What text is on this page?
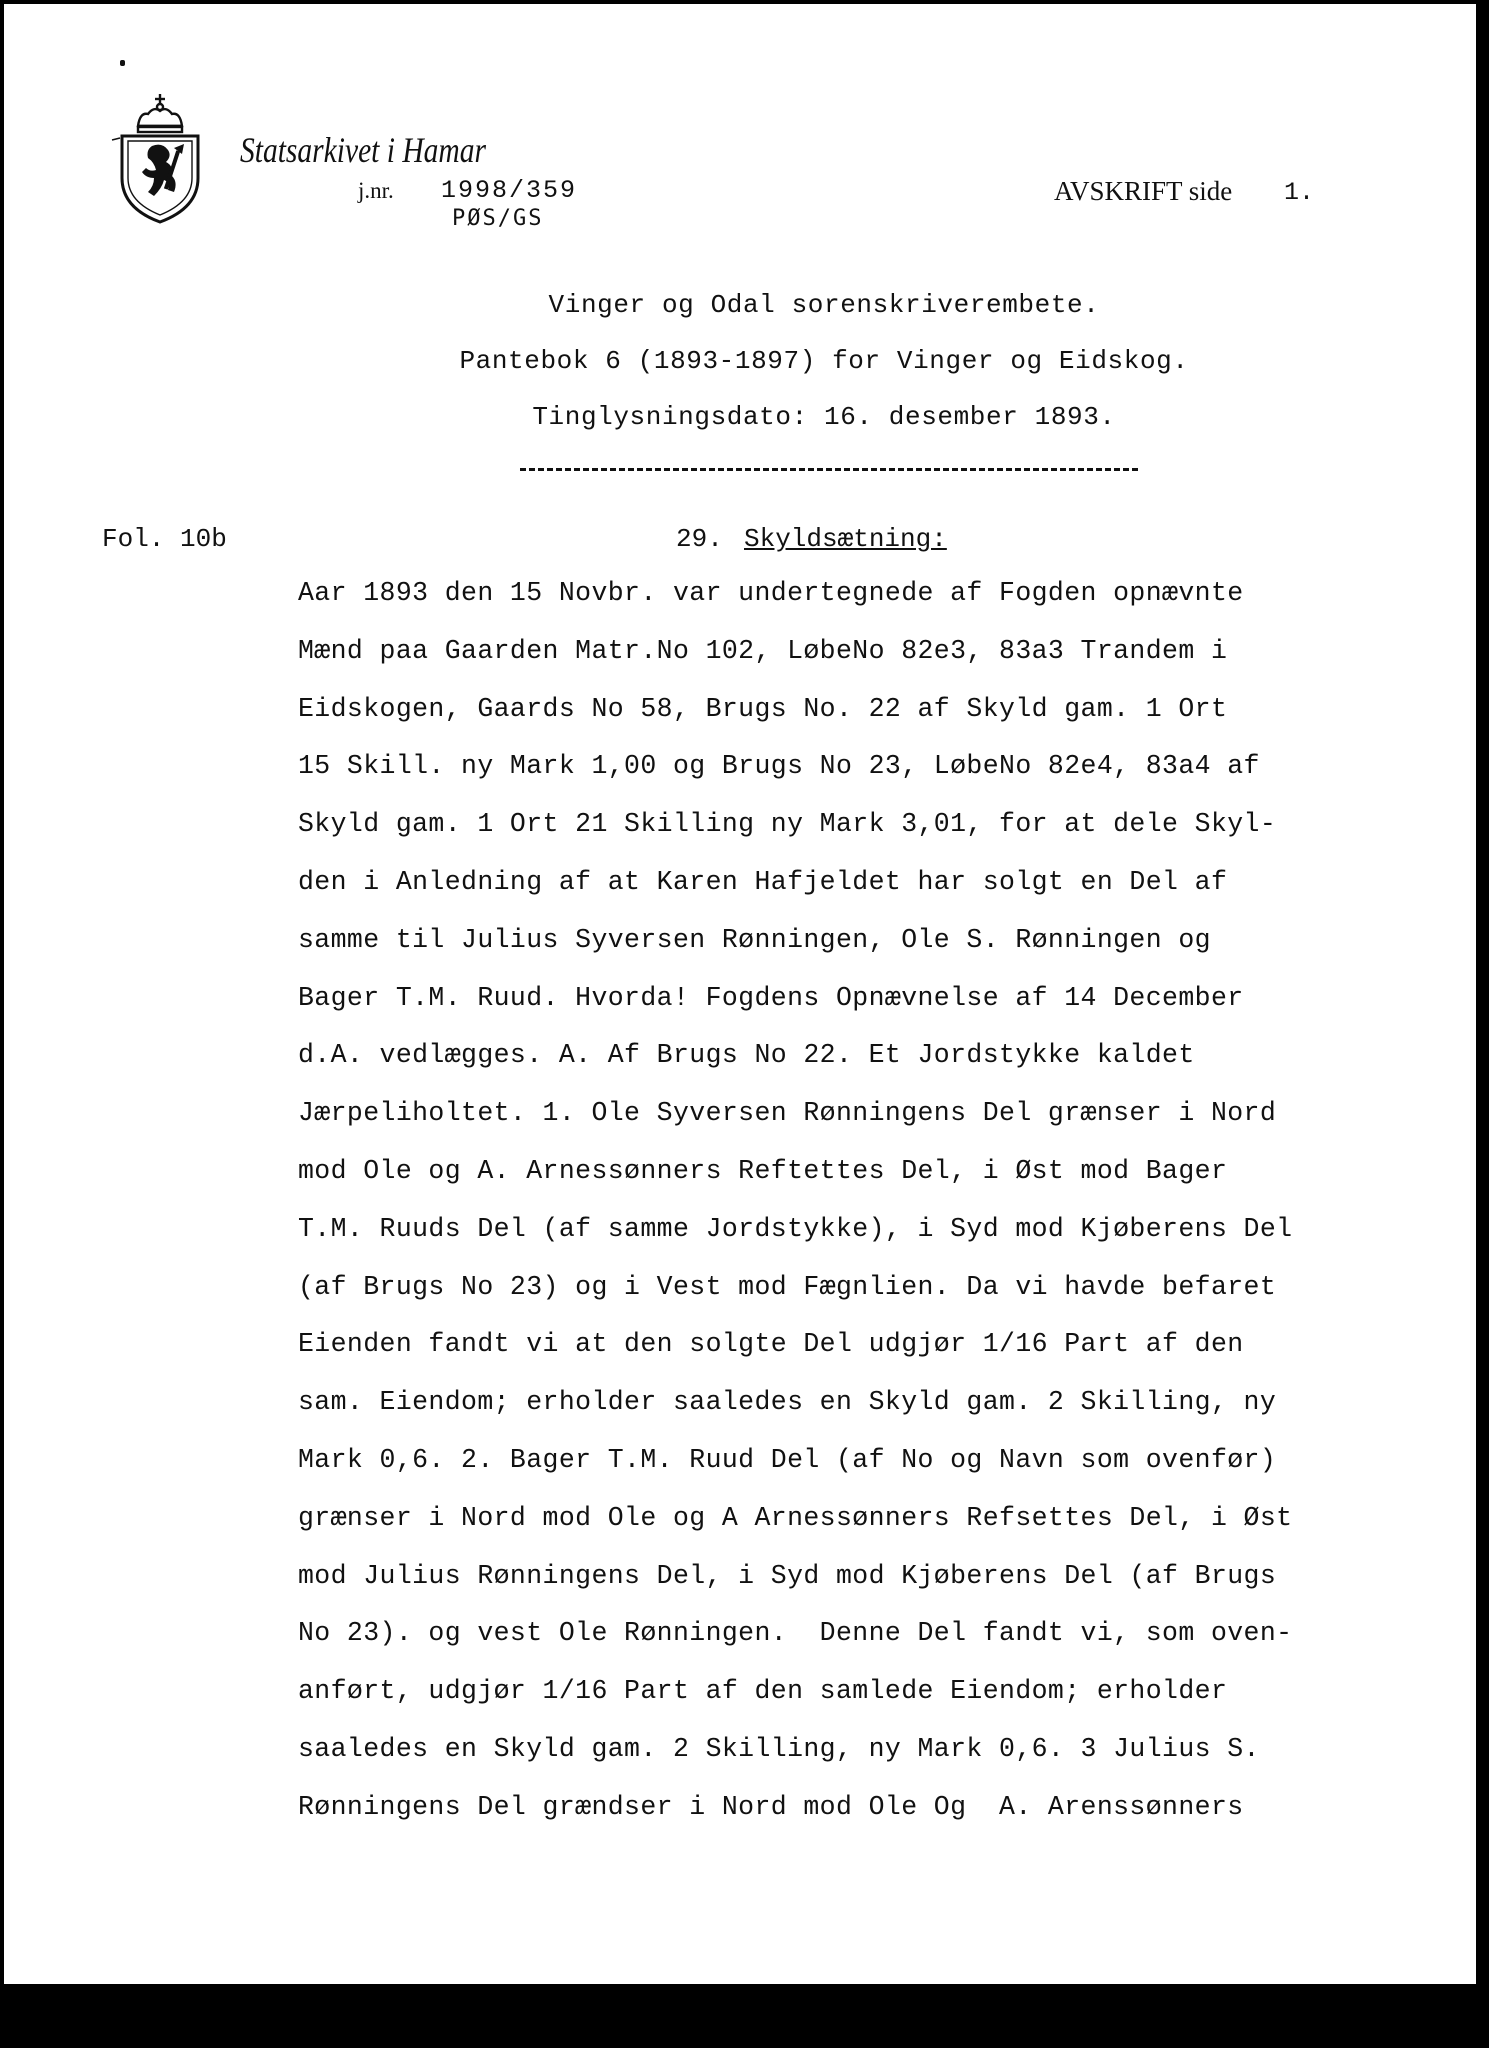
Statsarkivet i Hamar
j.nr. 1998/359
PØS/GS
AVSKRIFT side 1.
Vinger og Odal sorenskriverembete.
Pantebok 6 (1893-1897) for Vinger og Eidskog.
Tinglysningsdato: 16. desember 1893.
Fol. 10b	29. Skyldsætning:
Aar 1893 den 15 Novbr. var undertegnede af Fogden opnævnte
Mænd paa Gaarden Matr.No 102, LøbeNo 82e3, 83a3 Trandem i
Eidskogen, Gaards No 58, Brugs No. 22 af Skyld gam. 1 Ort
15 Skill. ny Mark 1,00 og Brugs No 23, LøbeNo 82e4, 83a4 af
Skyld gam. 1 Ort 21 Skilling ny Mark 3,01, for at dele Skyl-
den i Anledning af at Karen Hafjeldet har solgt en Del af
samme til Julius Syversen Rønningen, Ole S. Rønningen og
Bager T.M. Ruud. Hvorda! Fogdens Opnævnelse af 14 December
d.A. vedlægges. A. Af Brugs No 22. Et Jordstykke kaldet
Jærpeliholtet. 1. Ole Syversen Rønningens Del grænser i Nord
mod Ole og A. Arnessønners Reftettes Del, i Øst mod Bager
T.M. Ruuds Del (af samme Jordstykke), i Syd mod Kjøberens Del
(af Brugs No 23) og i Vest mod Fægnlien. Da vi havde befaret
Eienden fandt vi at den solgte Del udgjør 1/16 Part af den
sam. Eiendom; erholder saaledes en Skyld gam. 2 Skilling, ny
Mark 0,6. 2. Bager T.M. Ruud Del (af No og Navn som ovenfør)
grænser i Nord mod Ole og A Arnessønners Refsettes Del, i Øst
mod Julius Rønningens Del, i Syd mod Kjøberens Del (af Brugs
No 23). og vest Ole Rønningen.  Denne Del fandt vi, som oven-
anført, udgjør 1/16 Part af den samlede Eiendom; erholder
saaledes en Skyld gam. 2 Skilling, ny Mark 0,6. 3 Julius S.
Rønningens Del grændser i Nord mod Ole Og  A. Arenssønners
